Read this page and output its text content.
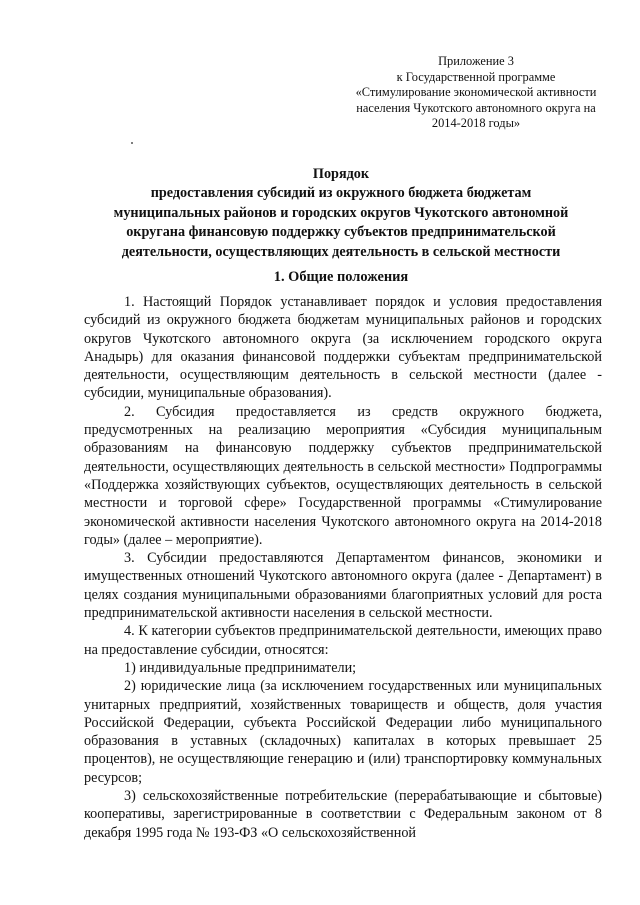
Приложение 3
к Государственной программе
«Стимулирование экономической активности
населения Чукотского автономного округа на
2014-2018 годы»
Порядок
предоставления субсидий из окружного бюджета бюджетам
муниципальных районов и городских округов Чукотского автономной
округана финансовую поддержку субъектов предпринимательской
деятельности, осуществляющих деятельность в сельской местности
1. Общие положения

1. Настоящий Порядок устанавливает порядок и условия предоставления субсидий из окружного бюджета бюджетам муниципальных районов и городских округов Чукотского автономного округа (за исключением городского округа Анадырь) для оказания финансовой поддержки субъектам предпринимательской деятельности, осуществляющим деятельность в сельской местности (далее - субсидии, муниципальные образования).

2. Субсидия предоставляется из средств окружного бюджета, предусмотренных на реализацию мероприятия «Субсидия муниципальным образованиям на финансовую поддержку субъектов предпринимательской деятельности, осуществляющих деятельность в сельской местности» Подпрограммы «Поддержка хозяйствующих субъектов, осуществляющих деятельность в сельской местности и торговой сфере» Государственной программы «Стимулирование экономической активности населения Чукотского автономного округа на 2014-2018 годы» (далее – мероприятие).

3. Субсидии предоставляются Департаментом финансов, экономики и имущественных отношений Чукотского автономного округа (далее - Департамент) в целях создания муниципальными образованиями благоприятных условий для роста предпринимательской активности населения в сельской местности.

4. К категории субъектов предпринимательской деятельности, имеющих право на предоставление субсидии, относятся:

1) индивидуальные предприниматели;

2) юридические лица (за исключением государственных или муниципальных унитарных предприятий, хозяйственных товариществ и обществ, доля участия Российской Федерации, субъекта Российской Федерации либо муниципального образования в уставных (складочных) капиталах в которых превышает 25 процентов), не осуществляющие генерацию и (или) транспортировку коммунальных ресурсов;

3) сельскохозяйственные потребительские (перерабатывающие и сбытовые) кооперативы, зарегистрированные в соответствии с Федеральным законом от 8 декабря 1995 года № 193-ФЗ «О сельскохозяйственной
